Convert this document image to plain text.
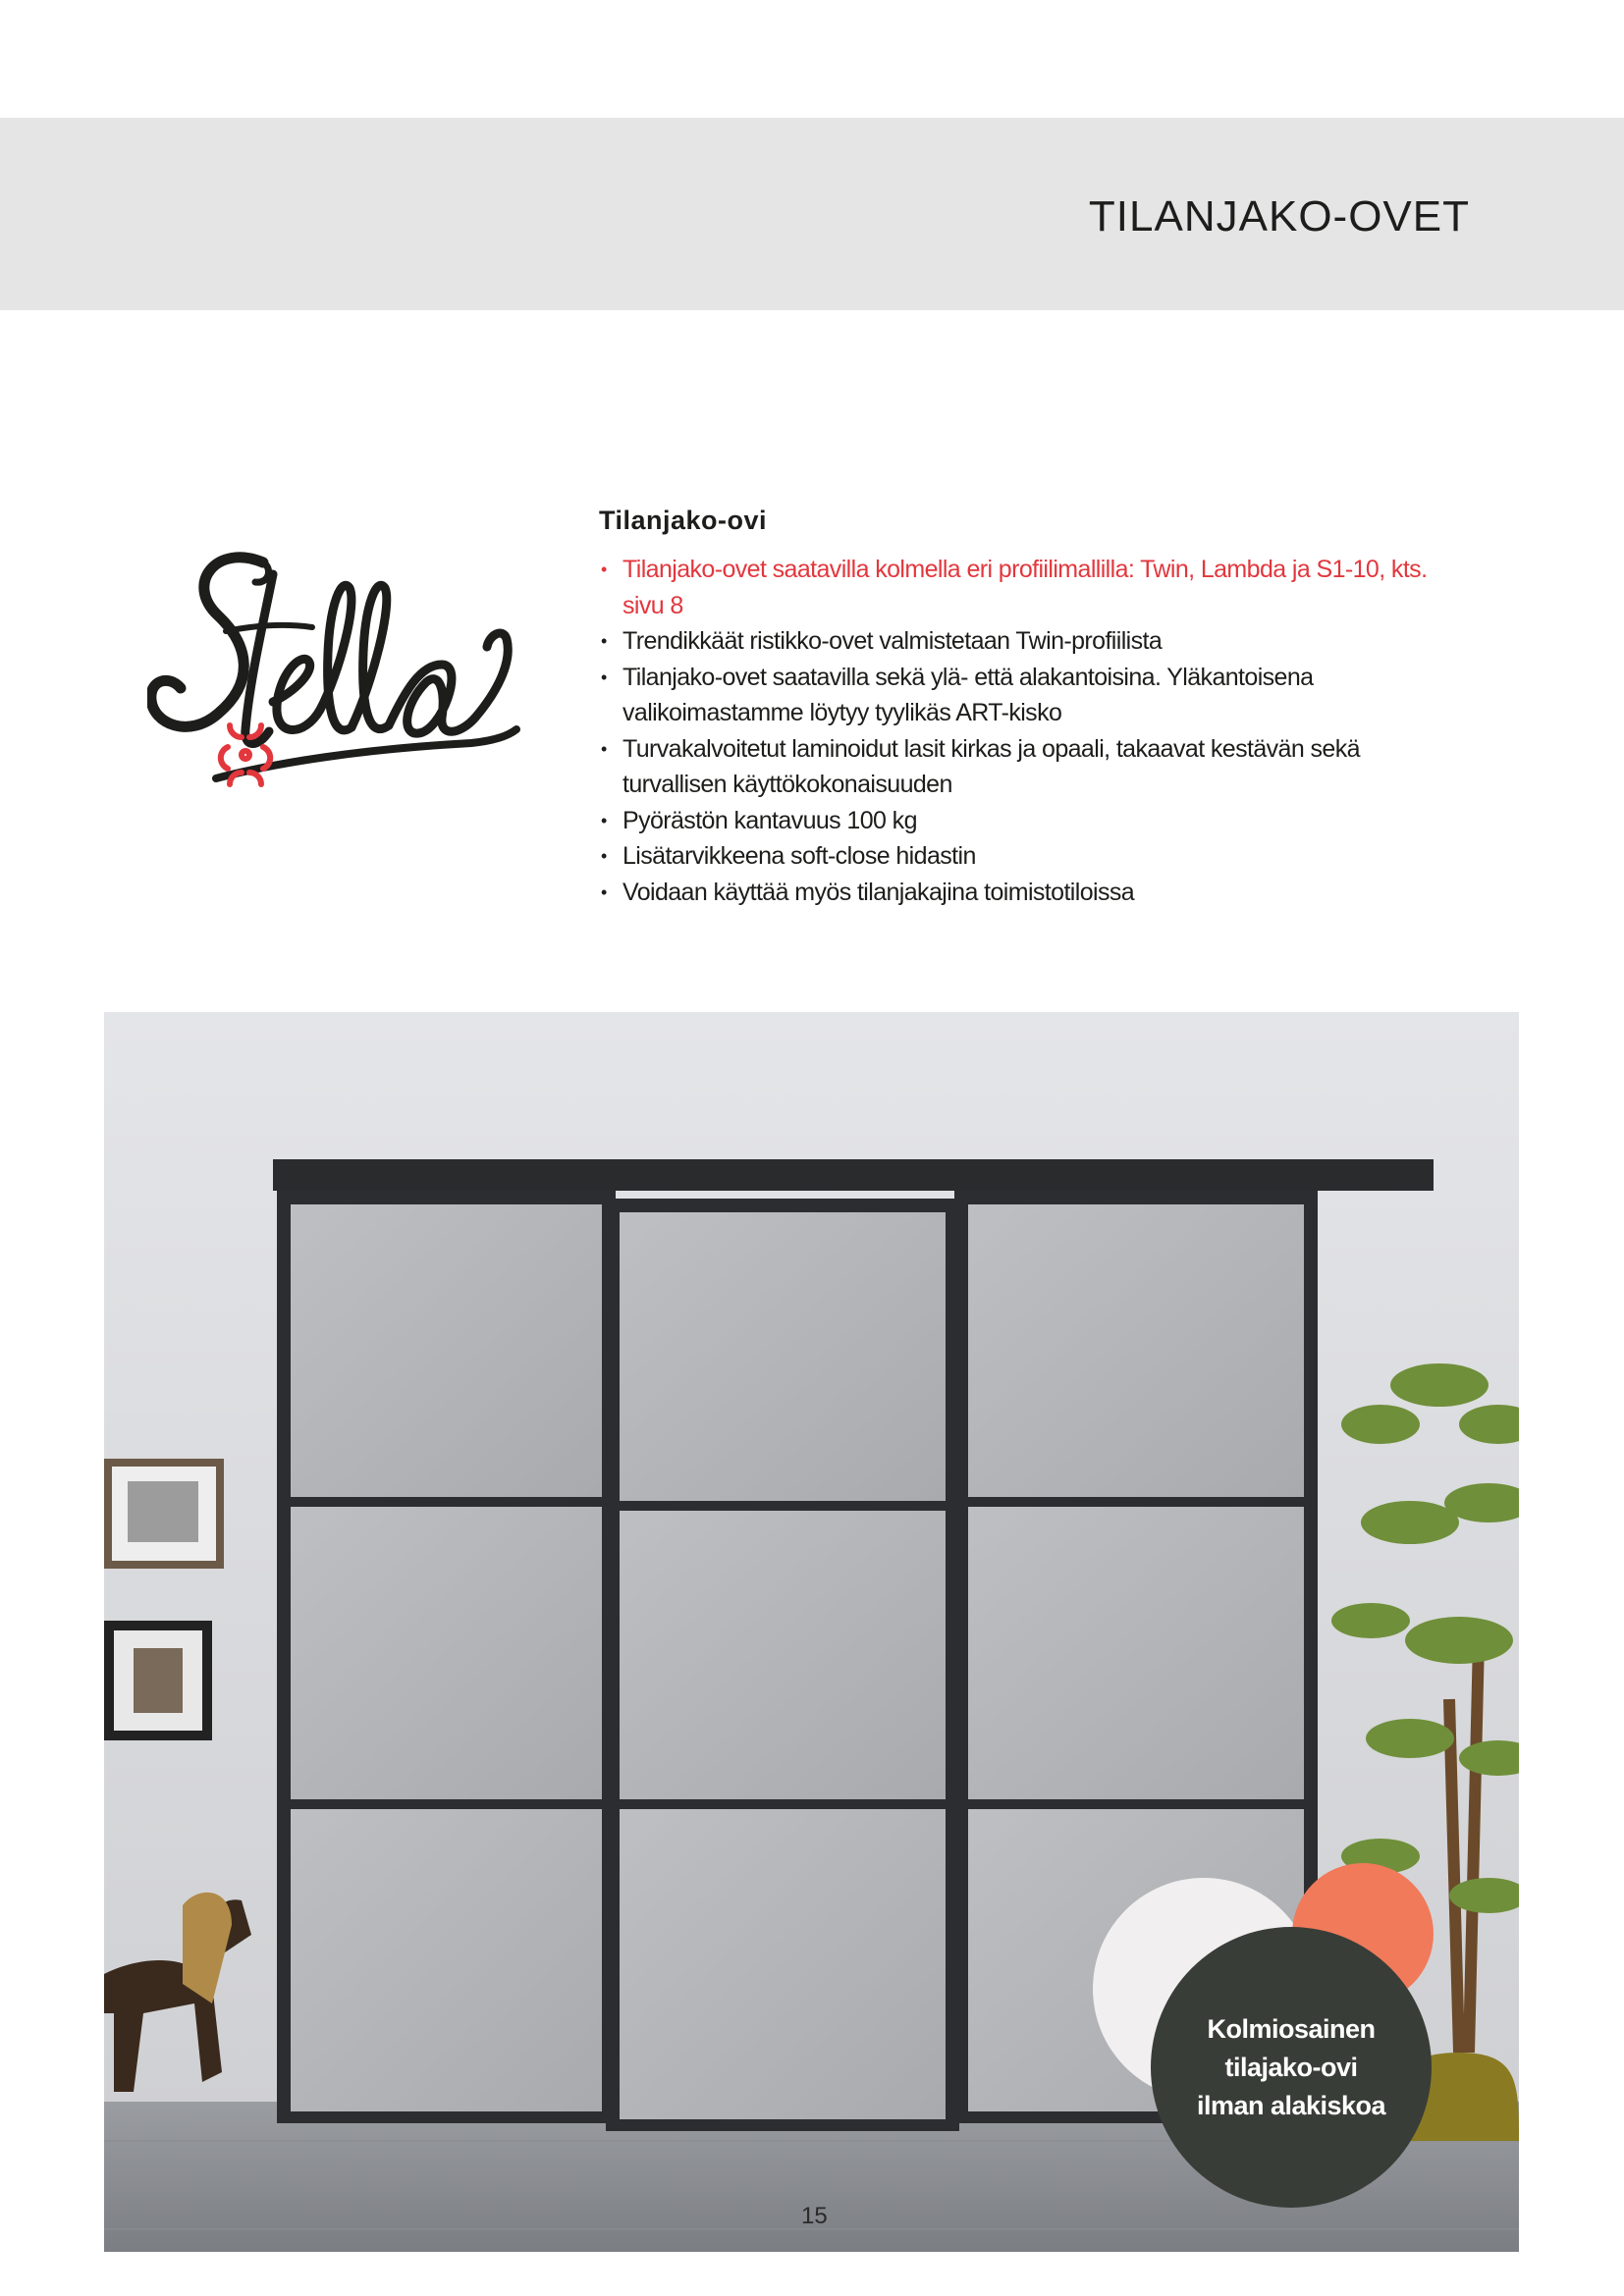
TILANJAKO-OVET
Tilanjako-ovi
• Tilanjako-ovet saatavilla kolmella eri profiilimallilla: Twin, Lambda ja S1-10, kts. sivu 8
• Trendikkäät ristikko-ovet valmistetaan Twin-profiilista
• Tilanjako-ovet saatavilla sekä ylä- että alakantoisina. Yläkantoisena valikoimastamme löytyy tyylikäs ART-kisko
• Turvakalvoitetut laminoidut lasit kirkas ja opaali, takaavat kestävän sekä turvallisen käyttökokonaisuuden
• Pyörästön kantavuus 100 kg
• Lisätarvikkeena soft-close hidastin
• Voidaan käyttää myös tilanjakajina toimistotiloissa
Kolmiosainen
tilajako-ovi
ilman alakiskoa
15
